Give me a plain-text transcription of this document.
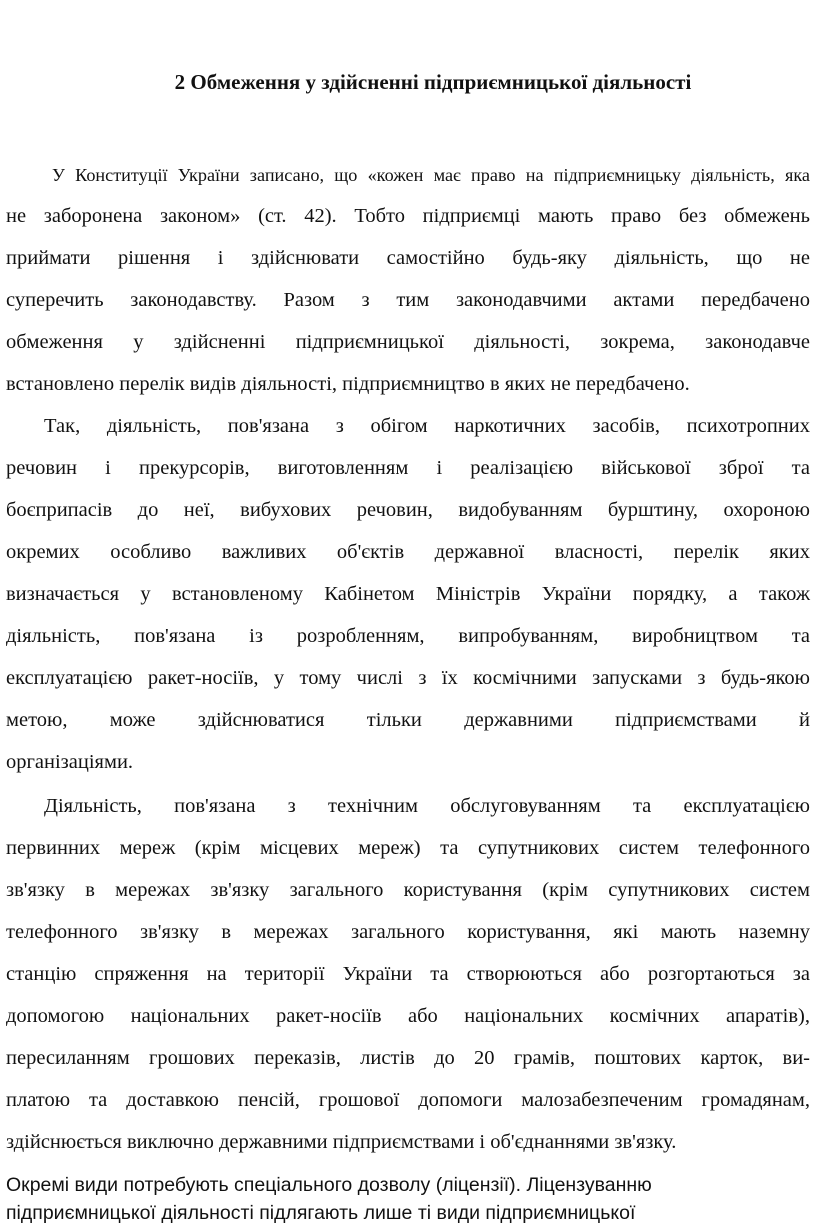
2 Обмеження у здійсненні підприємницької діяльності
У Конституції України записано, що «кожен має право на підприємницьку діяльність, яка
не заборонена законом» (ст. 42). Тобто підприємці мають право без обмежень
приймати рішення і здійснювати самостійно будь-яку діяльність, що не
суперечить законодавству. Разом з тим законодавчими актами передбачено
обмеження у здійсненні підприємницької діяльності, зокрема, законодавче
встановлено перелік видів діяльності, підприємництво в яких не передбачено.
Так, діяльність, пов'язана з обігом наркотичних засобів, психотропних
речовин і прекурсорів, виготовленням і реалізацією військової зброї та
боєприпасів до неї, вибухових речовин, видобуванням бурштину, охороною
окремих особливо важливих об'єктів державної власності, перелік яких
визначається у встановленому Кабінетом Міністрів України порядку, а також
діяльність, пов'язана із розробленням, випробуванням, виробництвом та
експлуатацією ракет-носіїв, у тому числі з їх космічними запусками з будь-якою
метою, може здійснюватися тільки державними підприємствами й
організаціями.
Діяльність, пов'язана з технічним обслуговуванням та експлуатацією
первинних мереж (крім місцевих мереж) та супутникових систем телефонного
зв'язку в мережах зв'язку загального користування (крім супутникових систем
телефонного зв'язку в мережах загального користування, які мають наземну
станцію спряження на території України та створюються або розгортаються за
допомогою національних ракет-носіїв або національних космічних апаратів),
пересиланням грошових переказів, листів до 20 грамів, поштових карток, ви-
платою та доставкою пенсій, грошової допомоги малозабезпеченим громадянам,
здійснюється виключно державними підприємствами і об'єднаннями зв'язку.
Окремі види потребують спеціального дозволу (ліцензії). Ліцензуванню
підприємницької діяльності підлягають лише ті види підприємницької
